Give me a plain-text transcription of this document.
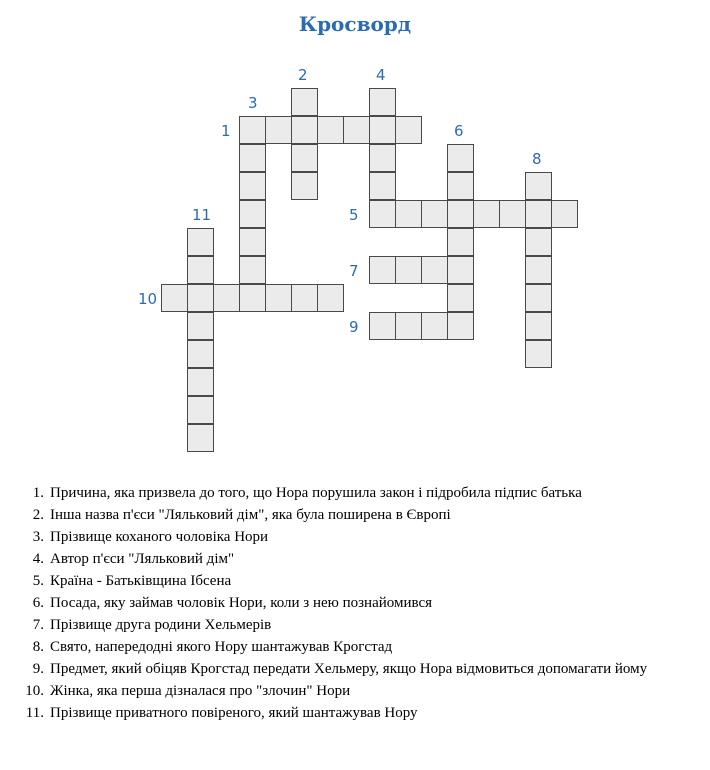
Кросворд
1
2
3
4
5
6
7
8
9
10
11
1. Причина, яка призвела до того, що Нора порушила закон і підробила підпис батька
2. Інша назва п'єси "Ляльковий дім", яка була поширена в Європі
3. Прізвище коханого чоловіка Нори
4. Автор п'єси "Ляльковий дім"
5. Країна - Батьківщина Ібсена
6. Посада, яку займав чоловік Нори, коли з нею познайомився
7. Прізвище друга родини Хельмерів
8. Свято, напередодні якого Нору шантажував Крогстад
9. Предмет, який обіцяв Крогстад передати Хельмеру, якщо Нора відмовиться допомагати йому
10. Жінка, яка перша дізналася про "злочин" Нори
11. Прізвище приватного повіреного, який шантажував Нору
